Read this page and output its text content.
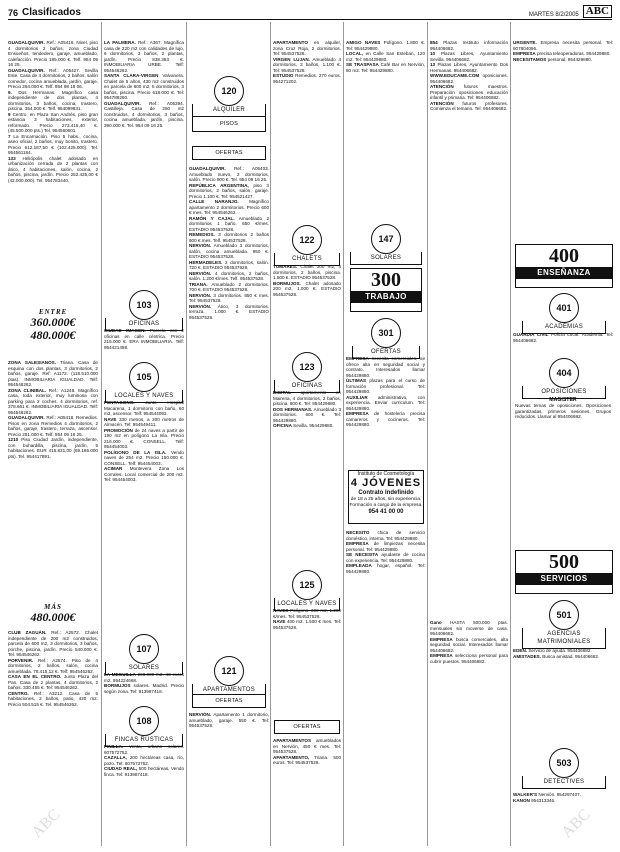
76 Clasificados	MARTES 8/2/2005 ABC

GUADALQUIVIR. Ref.: A05416. Nivel, piso 4 dormitorios 2 baños, zona Ciudad Ensueños, tendedero, garaje, amueblado, calefacción. Precio 185.000 €. Telf. 954 09 16 25.

GUADALQUIVIR. Ref.: A05427. Sevilla Este. Casa de 4 dormitorios, 2 baños, salón comedor, cocina amueblada, jardín, garaje. Precio 264.000 €. Telf. 954 98 18 06.

9. Dos Hermanas. Magnífico casa independiente de dos plantas, 4 dormitorios, 3 baños, cocina, trastero, piscina. 354.000 €. Telf. 954099831.

9 Centro, en Plaza San Andrés, piso gran estancia 3 habitaciones, exterior, reformado. Precio 273.415,40 €. (45.500.000 pts.) Tel. 954560601.

7 La Encarnación. Piso 5 habs., cocina, aseo oficial, 2 baños, muy bonito, trastero. Precio 612.187,50 € (102.425.000). Tel. 954561184.

133 Heliópolis chalet adosado en urbanización cerrada de 2 plantas con ático, 4 habitaciones, salón, cocina, 2 baños, piscina, jardín. Precio 252.425,00 € (42.000.000). Tel. 954783440.

ENTRE
360.000€
480.000€

ZONA SALESIANOS. Triana. Casa de esquina con dos plantas, 3 dormitorios, 2 baños, garaje. Ref: A1172. (118.510.000 ptas). INMOBILIARIA IGUALDAD. Telf: 954546262.

ZONA CLINIBAL. Ref.: A1248. Magnífico casa, toda exterior, muy luminosa con parking para 2 coches. 4 dormitorios, ref. 378.661 €. INMOBILIARIA IGUALDAD. Telf: 954546262.

GUADALQUIVIR. Ref.: A05418. Remedios. Pisos en zona Remedios 4 dormitorios, 2 baños, garaje, trastero, terraza, ascensor. Precio 251.000 €. Telf. 954 09 16 25.

1210 Piso Ciudad Jardín, independiente, con buhardilla, piscina, jardín, 5 habitaciones. EUR 415.821,00 (69.185.000 pts). Tel. 954417891.

MÁS
480.000€

CLUB ZAGUÁN. Ref.: A2572. Chalet independiente de 200 m2 construidos, parcela de 600 m2, 3 dormitorios, 3 baños, porche, piscina, jardín. Precio 540.000 €. Tel. 954546262.

PORVENIR. Ref.: A2574. Piso de 4 dormitorios, 2 baños, salón, cocina amueblada. 78.415,12 €. Telf: 954546262.

CASA EN EL CENTRO. Junto Plaza del Pan. Casa de 2 plantas, 4 dormitorios, 2 baños. 330.455 €. Tel: 954546262.

CENTRO. Ref.: A3212. Casa de 5 habitaciones, 2 baños, patio, 420 m2. Precio 504.515 €. Tel. 954546262.

LA PALMERA. Ref.: A367. Magnífica casa de 220 m2 con calidades de lujo, 6 dormitorios, 3 baños, 2 plantas, jardín. Precio 838.353 €. INMOBILIARIA URBE. Telf: 954546262.

SANTA CLARA-VIRGEN Valvanera. Chalet de 5 años, 430 m2 construidos en parcela de 600 m2, 5 dormitorios, 3 baños, piscina. Precio 618.000 €. Tel: 954789260.

GUADALQUIVIR. Ref.: A05394. Castilleja. Casa de 250 m2 construidos, 4 dormitorios, 3 baños, cocina amueblada, jardín, piscina. 390.000 €. Tel. 954 09 16 25.

103
OFICINAS

CIUDAD IMAGEN. Parcela con 2 oficinas en calle céntrica. Precio 215.000 €. ERA INMOBILIARIA. Telf: 954421458.

105
LOCALES Y NAVES

PENTAGONO. Junto Hospital Macarena, 1 dormitorio con baño, 60 m2, ascensor. Telf: 954544093.

NAVE 330 metros, a 200 metros de Almacén. Tel: 954549411.

PROMOCIÓN de 24 naves a partir de 190 m2 en polígono La Isla. Precio 216.000 €. CONSELL. Telf: 954454003.

POLÍGONO DE LA ISLA. Vendo naves de 254 m2. Precio 150.000 €. CONSELL. Telf: 954454003.

ACIMAR Montevera Zona Los Corrales. Local comercial de 200 m2. Tel: 954454003.

107
SOLARES

LA MEGUILLA 200.000 m2. 43 euros m2. 954224668.

BORMUJOS solares. Madrid. Precio según zona. Tel: 913987418.

108
FINCAS RÚSTICAS

PINILLA. Venta, urbano solares. 607572752.

CAZALLA, 200 hectáreas casa, río, pozo. Tel: 607572752.

CIUDAD REAL, 500 hectáreas, Vendo finca. Tel: 913987418.

120
ALQUILER
PISOS
OFERTAS

GUADALQUIVIR. Ref.: A05403. Amueblado nuevo, 2 dormitorios, salón. Precio 900 €. Tel. 954 09 16 25.

REPÚBLICA ARGENTINA, piso 3 dormitorios, 2 baños, salón, garaje. Precio 1.100 €. Tel: 954521427.

CALLE NARANJO. Magnífico apartamento 2 dormitorios. Precio 600 € mes. Tel: 954546262.

RAMÓN Y CAJAL. Amueblado 2 dormitorios 1 baño. 650 €/mes. ESTADIO 954537528.

REMEDIOS. 3 dormitorios 2 baños 900 € mes. Telf. 954537528.

NERVIÓN. Amueblado 3 dormitorios, salón, cocina amueblada. 950 €. ESTADIO 954537528.

HERMADELES. 2 dormitorios, salón. 720 €. ESTADIO 954537528.

NERVIÓN. 4 dormitorios, 2 baños, salón. 1.200 €/mes. Telf. 954537528.

TRIANA. Amueblado 2 dormitorios. 700 €. ESTADIO 954537528.

NERVIÓN. 3 dormitorios. 850 € mes. Tel: 954537528.

NERVIÓN. Ático, 3 dormitorios, terraza. 1.000 €. ESTADIO 954537528.

121
APARTAMENTOS
OFERTAS

NERVIÓN. Apartamento 1 dormitorio, amueblado, garaje. 550 €. Tel: 954537528.

APARTAMENTO en alquiler, zona Cruz Roja, 2 dormitorios. Tel: 954537528.

VIRGEN LUJAN. Amueblado 4 dormitorios, 2 baños, 1.100 €. Tel: 954537528.

ESTUDIO Remedios. 270 euros. 954271202.

122
CHALETS

TOMARES. Chalet 300 m2, 4 dormitorios, 2 baños, piscina. 1.500 €. ESTADIO 954537528.

BORMUJOS. Chalet adosado 200 m2, 1.000 €. ESTADIO 954537528.

123
OFICINAS

DIGITAL apartamento en Mairena, 4 dormitorios, 2 baños, piscina. 800 €. Tel: 954429880.

DOS HERMANAS. Amueblado 3 dormitorios. 600 €. Tel: 954429880.

OFICINA Sevilla. 954429880.

125
LOCALES Y NAVES

NAVES Polígono. 300 m2, 1.200 €/mes. Tel: 954537528.

NAVE 400 m2. 1.500 € mes. Tel: 954537528.

OFERTAS

APARTAMENTOS amueblados en Nervión, 450 € mes. Tel: 954537528.

APARTAMENTO, Triana. 500 euros. Tel: 954537528.

AMIGO NAVES Polígono. 1.800 €. Tel: 954429880.

LOCAL, en Calle San Esteban, 120 m2. Tel: 954429880.

SE TRASPASA Café Bar en Nervión, 80 m2. Tel: 954429880.

147
SOLARES
300
TRABAJO
301
OFERTAS

EMPRESA necesita comerciales, se ofrece alta en seguridad social y contrato. Interesados llamar 954429880.

ÚLTIMAS plazas para el curso de formación profesional. Tel: 954429880.

AUXILIAR administrativo, con experiencia. Enviar curriculum. Tel: 954429880.

EMPRESA de hostelería precisa camareros y cocineros. Tel: 954429880.

Instituto de Cosmetología
4 JÓVENES
Contrato Indefinido
de 18 a 25 años, sin experiencia. Formación a cargo de la empresa.
954 41 00 00

NECESITO chica de servicio doméstico, interna. Tel: 954429880.

EMPRESA de limpiezas necesita personal. Tel: 954429880.

SE NECESITA ayudante de cocina con experiencia. Tel: 954429880.

EMPLEADA hogar, español. Tel: 954429880.

854 Plazas Instituto información 954406682.

10 Plazas Libres, Ayuntamiento Sevilla. 954406682.

13 Plazas Libres, Ayuntamiento Dos Hermanas. 954406682.

WWW.EDUCAME.COM oposiciones. 954406682.

ATENCIÓN futuros maestros. Preparación oposiciones educación infantil y primaria. Tel: 954406682.

ATENCIÓN futuros profesores. Comienza el temario. Tel: 954406682.

Gano HASTA 500.000 ptas. mensuales sin moverse de casa. 954406682.

EMPRESA busca comerciales, alta seguridad social. Interesados llamar 954406682.

EMPRESA selecciona personal para cubrir puestos. 954406682.

URGENTE. Empresa necesita personal. Tel: 607804066.

EMPRESA precisa teleoperadoras. 954429880.

NECESITAMOS personal. 954429880.

400
ENSEÑANZA
401
ACADEMIAS

GUARDIA CIVIL Policía Local. Academia. Tel: 954406682.

404
OPOSICIONES
MAGISTER
Nuevas temas de oposiciones. Oposiciones garantizadas, primeros sesiones. Grupos reducidos. Llamar al 954406682.
500
SERVICIOS
501
AGENCIAS MATRIMONIALES

EDEN. Servicio de ayuda. 954406682.

AMISTADES. Busca amistad. 954406682.

503
DETECTIVES

WALKER'S Nervión. 954297407.

KANON 954313346.

ABC	ABC
